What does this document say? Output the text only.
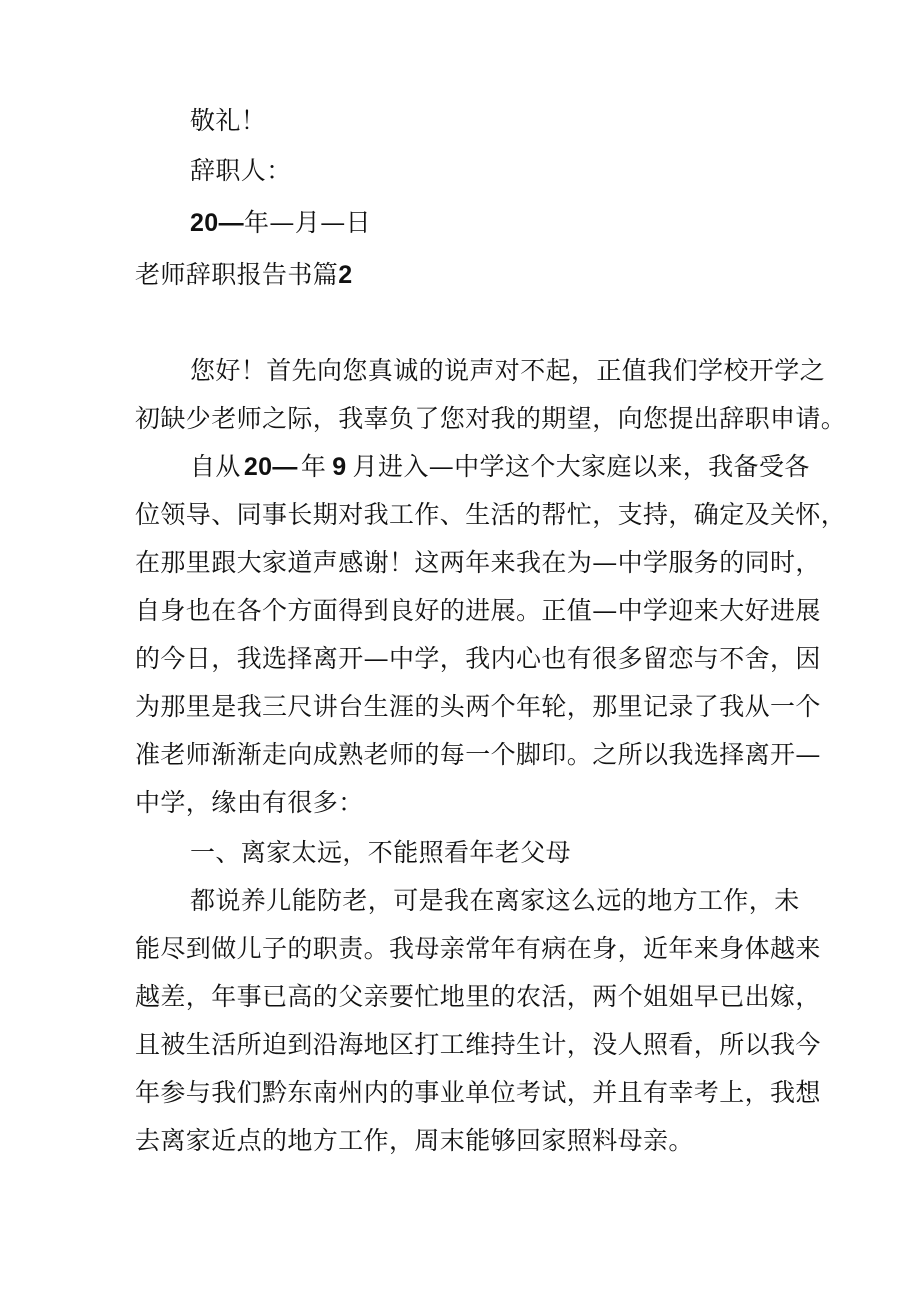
敬礼！
辞职人：
20—年—月—日
老师辞职报告书篇2
您好！首先向您真诚的说声对不起，正值我们学校开学之
初缺少老师之际，我辜负了您对我的期望，向您提出辞职申请。
自从 20— 年 9 月进入—中学这个大家庭以来，我备受各
位领导、同事长期对我工作、生活的帮忙，支持，确定及关怀，
在那里跟大家道声感谢！这两年来我在为—中学服务的同时，
自身也在各个方面得到良好的进展。正值—中学迎来大好进展
的今日，我选择离开—中学，我内心也有很多留恋与不舍，因
为那里是我三尺讲台生涯的头两个年轮，那里记录了我从一个
准老师渐渐走向成熟老师的每一个脚印。之所以我选择离开—
中学，缘由有很多：
一、离家太远，不能照看年老父母
都说养儿能防老，可是我在离家这么远的地方工作，未
能尽到做儿子的职责。我母亲常年有病在身，近年来身体越来
越差，年事已高的父亲要忙地里的农活，两个姐姐早已出嫁，
且被生活所迫到沿海地区打工维持生计，没人照看，所以我今
年参与我们黔东南州内的事业单位考试，并且有幸考上，我想
去离家近点的地方工作，周末能够回家照料母亲。
